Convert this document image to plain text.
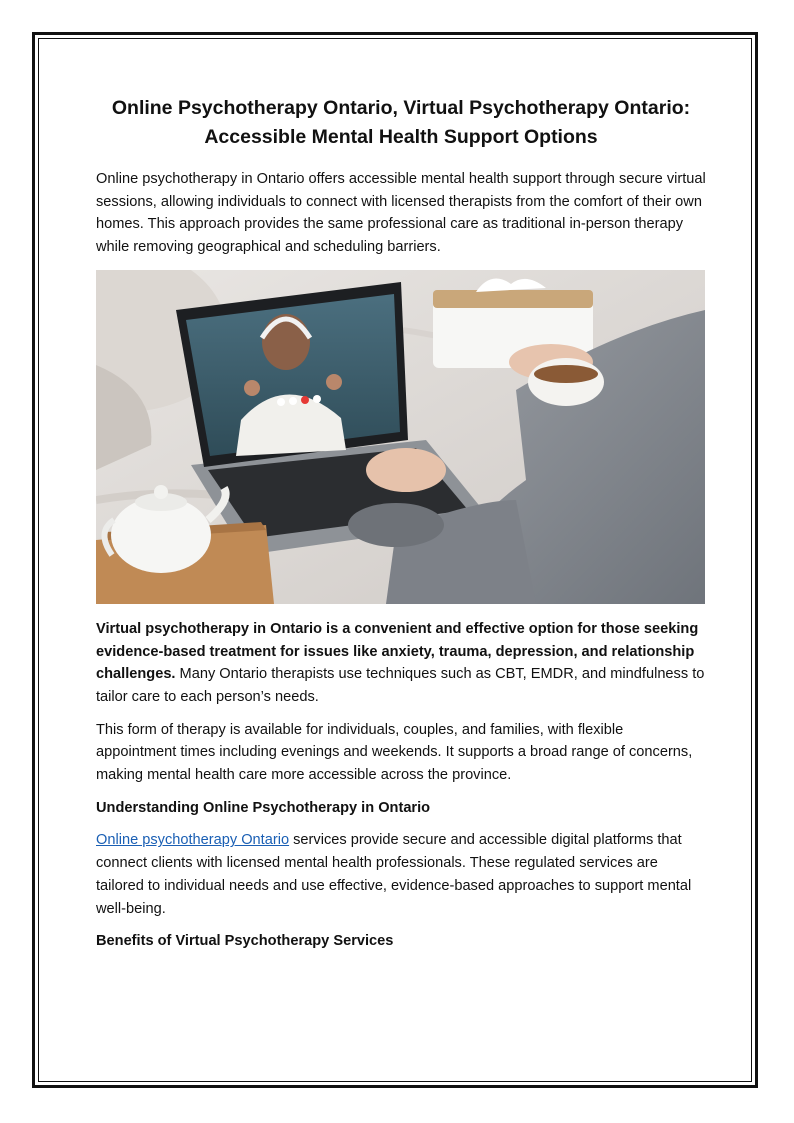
Online Psychotherapy Ontario, Virtual Psychotherapy Ontario:
Accessible Mental Health Support Options

Online psychotherapy in Ontario offers accessible mental health support through secure virtual sessions, allowing individuals to connect with licensed therapists from the comfort of their own homes. This approach provides the same professional care as traditional in-person therapy while removing geographical and scheduling barriers.

Virtual psychotherapy in Ontario is a convenient and effective option for those seeking evidence-based treatment for issues like anxiety, trauma, depression, and relationship challenges. Many Ontario therapists use techniques such as CBT, EMDR, and mindfulness to tailor care to each person’s needs.

This form of therapy is available for individuals, couples, and families, with flexible appointment times including evenings and weekends. It supports a broad range of concerns, making mental health care more accessible across the province.

Understanding Online Psychotherapy in Ontario

Online psychotherapy Ontario services provide secure and accessible digital platforms that connect clients with licensed mental health professionals. These regulated services are tailored to individual needs and use effective, evidence-based approaches to support mental well-being.

Benefits of Virtual Psychotherapy Services
